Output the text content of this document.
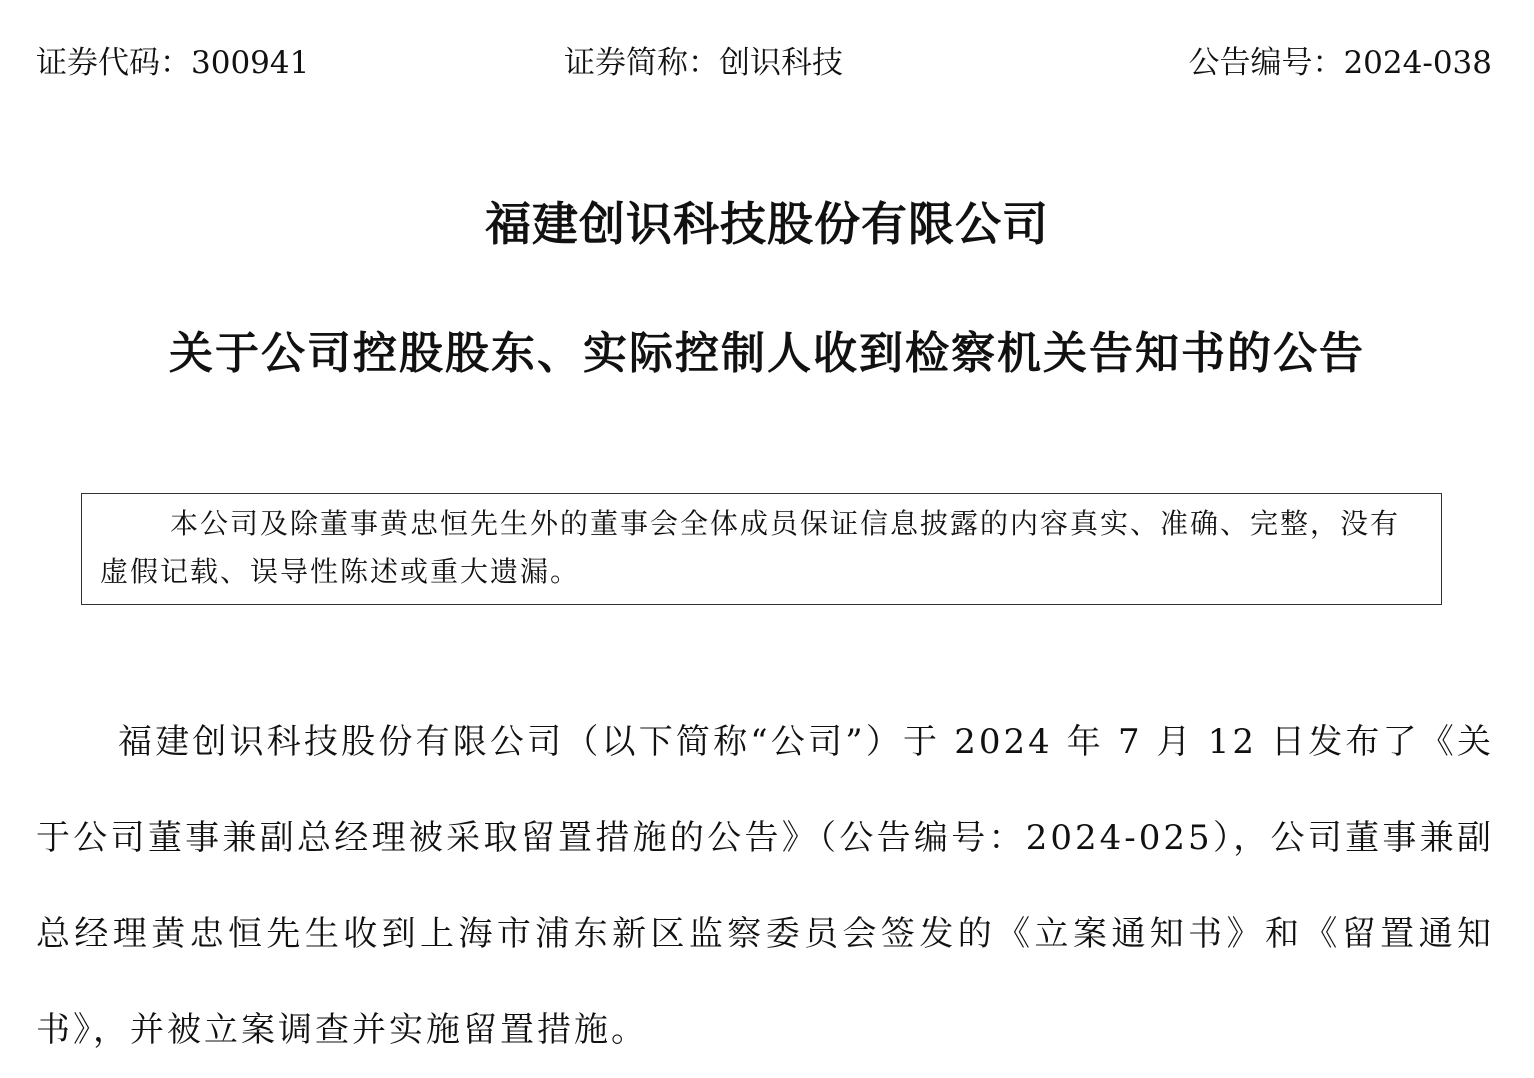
证券代码：300941	证券简称：创识科技	公告编号：2024-038
福建创识科技股份有限公司
关于公司控股股东、实际控制人收到检察机关告知书的公告
本公司及除董事黄忠恒先生外的董事会全体成员保证信息披露的内容真实、准确、完整，没有虚假记载、误导性陈述或重大遗漏。
福建创识科技股份有限公司（以下简称“公司”）于 2024 年 7 月 12 日发布了《关于公司董事兼副总经理被采取留置措施的公告》（公告编号：2024-025），公司董事兼副总经理黄忠恒先生收到上海市浦东新区监察委员会签发的《立案通知书》和《留置通知书》，并被立案调查并实施留置措施。
